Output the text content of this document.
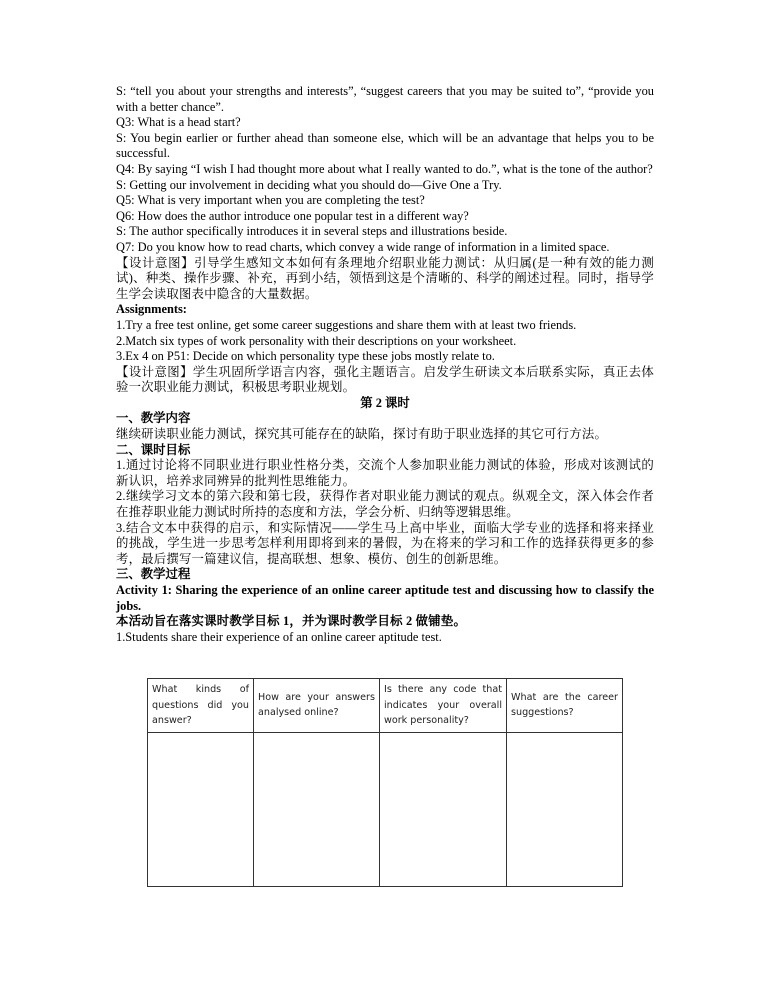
S: “tell you about your strengths and interests”, “suggest careers that you may be suited to”, “provide you with a better chance”.

Q3: What is a head start?

S: You begin earlier or further ahead than someone else, which will be an advantage that helps you to be successful.

Q4: By saying “I wish I had thought more about what I really wanted to do.”, what is the tone of the author?

S: Getting our involvement in deciding what you should do—Give One a Try.

Q5: What is very important when you are completing the test?

Q6: How does the author introduce one popular test in a different way?

S: The author specifically introduces it in several steps and illustrations beside.

Q7: Do you know how to read charts, which convey a wide range of information in a limited space.

【设计意图】引导学生感知文本如何有条理地介绍职业能力测试：从归属(是一种有效的能力测试)、种类、操作步骤、补充，再到小结，领悟到这是个清晰的、科学的阐述过程。同时，指导学生学会读取图表中隐含的大量数据。

Assignments:

1.Try a free test online, get some career suggestions and share them with at least two friends.

2.Match six types of work personality with their descriptions on your worksheet.

3.Ex 4 on P51: Decide on which personality type these jobs mostly relate to.

【设计意图】学生巩固所学语言内容，强化主题语言。启发学生研读文本后联系实际，真正去体验一次职业能力测试，积极思考职业规划。

第 2 课时

一、教学内容

继续研读职业能力测试，探究其可能存在的缺陷，探讨有助于职业选择的其它可行方法。

二、课时目标

1.通过讨论将不同职业进行职业性格分类，交流个人参加职业能力测试的体验，形成对该测试的新认识，培养求同辨异的批判性思维能力。

2.继续学习文本的第六段和第七段，获得作者对职业能力测试的观点。纵观全文，深入体会作者在推荐职业能力测试时所持的态度和方法，学会分析、归纳等逻辑思维。

3.结合文本中获得的启示，和实际情况——学生马上高中毕业，面临大学专业的选择和将来择业的挑战，学生进一步思考怎样利用即将到来的暑假，为在将来的学习和工作的选择获得更多的参考，最后撰写一篇建议信，提高联想、想象、模仿、创生的创新思维。

三、教学过程

Activity 1: Sharing the experience of an online career aptitude test and discussing how to classify the jobs.

本活动旨在落实课时教学目标 1，并为课时教学目标 2 做铺垫。

1.Students share their experience of an online career aptitude test.

What kinds of questions did you answer?	How are your answers analysed online?	Is there any code that indicates your overall work personality?	What are the career suggestions?
